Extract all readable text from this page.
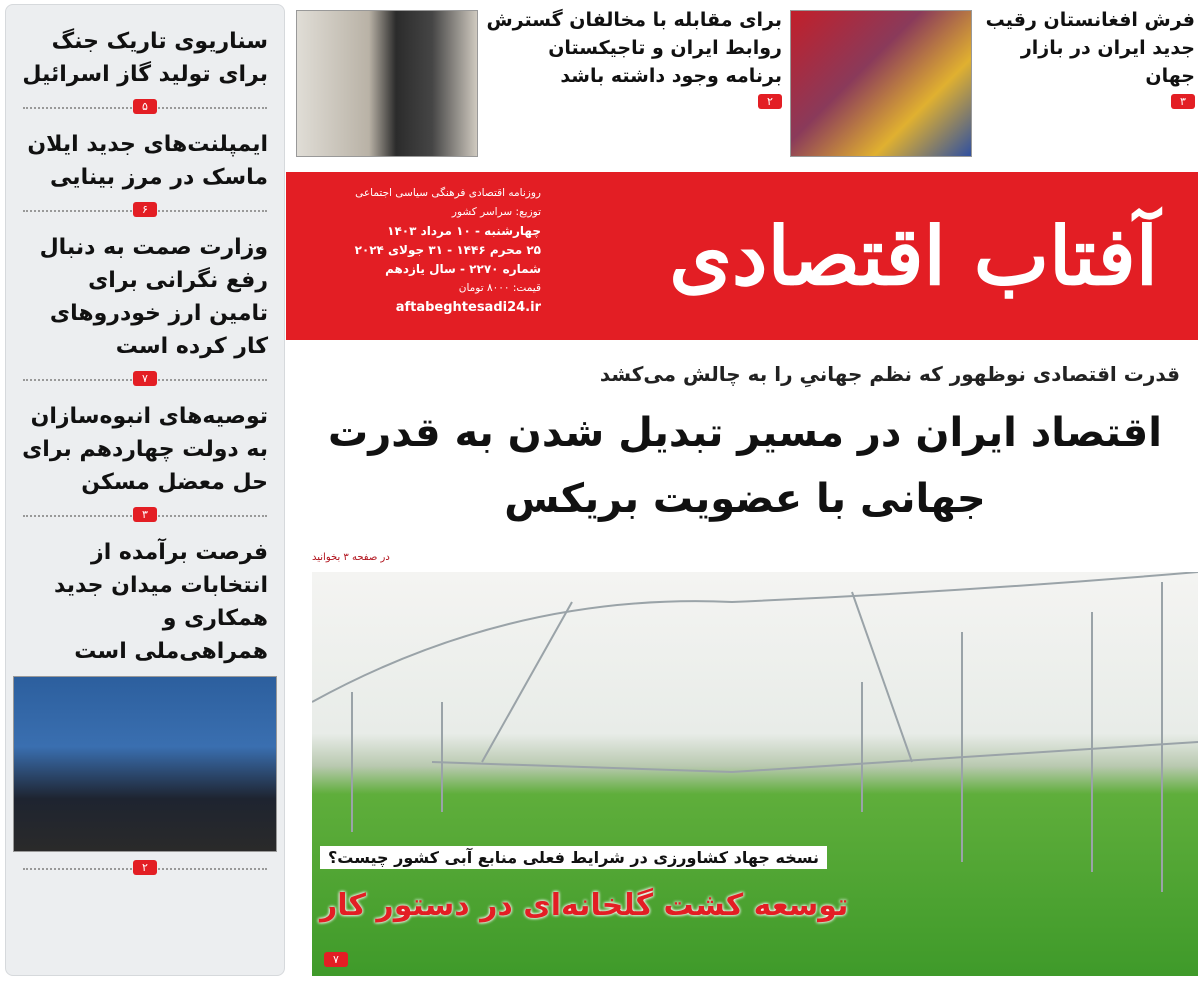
سناریوی تاریک جنگ برای تولید گاز اسرائیل
۵
ایمپلنت‌های جدید ایلان ماسک در مرز بینایی
۶
وزارت صمت به دنبال رفع نگرانی برای تامین ارز خودروهای کار کرده است
۷
توصیه‌های انبوه‌سازان به دولت چهاردهم برای حل معضل مسکن
۳
فرصت برآمده از انتخابات میدان جدید همکاری و همراهی‌ملی است
۲
فرش افغانستان رقیب جدید ایران در بازار جهان
۳
برای مقابله با مخالفان گسترش روابط ایران و تاجیکستان برنامه وجود داشته باشد
۲
آفتاب اقتصادی
روزنامه اقتصادی فرهنگی سیاسی اجتماعی
توزیع: سراسر کشور
چهارشنبه - ۱۰ مرداد ۱۴۰۳
۲۵ محرم ۱۴۴۶ - ۳۱ جولای ۲۰۲۴
شماره ۲۲۷۰ - سال یازدهم
قیمت: ۸۰۰۰ تومان
aftabeghtesadi24.ir
قدرت اقتصادی نوظهور که نظم جهانیِ را به چالش می‌کشد
اقتصاد ایران در مسیر تبدیل شدن به قدرت جهانی با عضویت بریکس
در صفحه ۳ بخوانید
نسخه جهاد کشاورزی در شرایط فعلی منابع آبی کشور چیست؟
توسعه کشت گلخانه‌ای در دستور کار
۷
